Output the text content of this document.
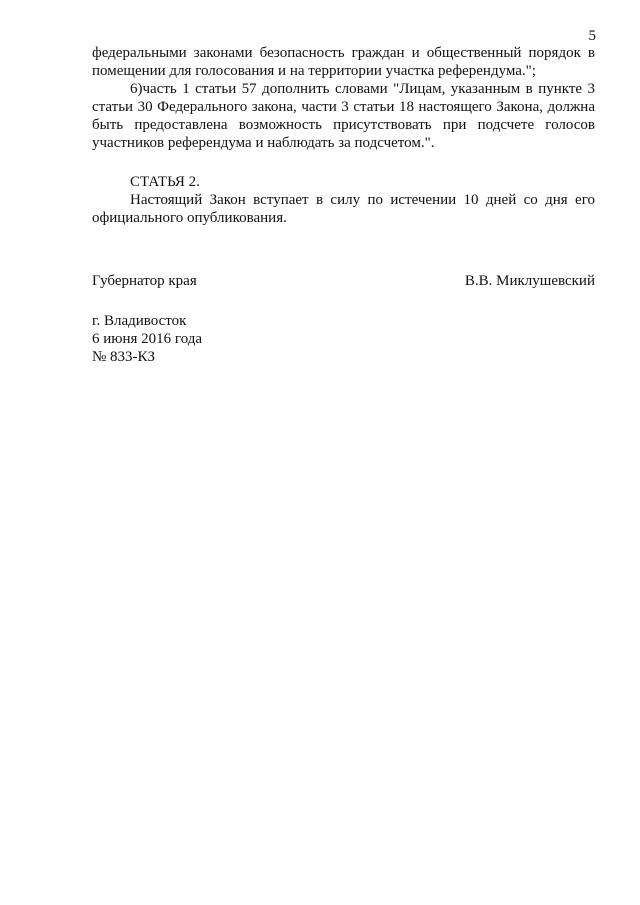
5

федеральными законами безопасность граждан и общественный порядок в помещении для голосования и на территории участка референдума.";

6)часть 1 статьи 57 дополнить словами "Лицам, указанным в пункте 3 статьи 30 Федерального закона, части 3 статьи 18 настоящего Закона, должна быть предоставлена возможность присутствовать при подсчете голосов участников референдума и наблюдать за подсчетом.".

СТАТЬЯ 2.

Настоящий Закон вступает в силу по истечении 10 дней со дня его официального опубликования.

Губернатор края	В.В. Миклушевский
г. Владивосток
6 июня 2016 года
№ 833-КЗ
